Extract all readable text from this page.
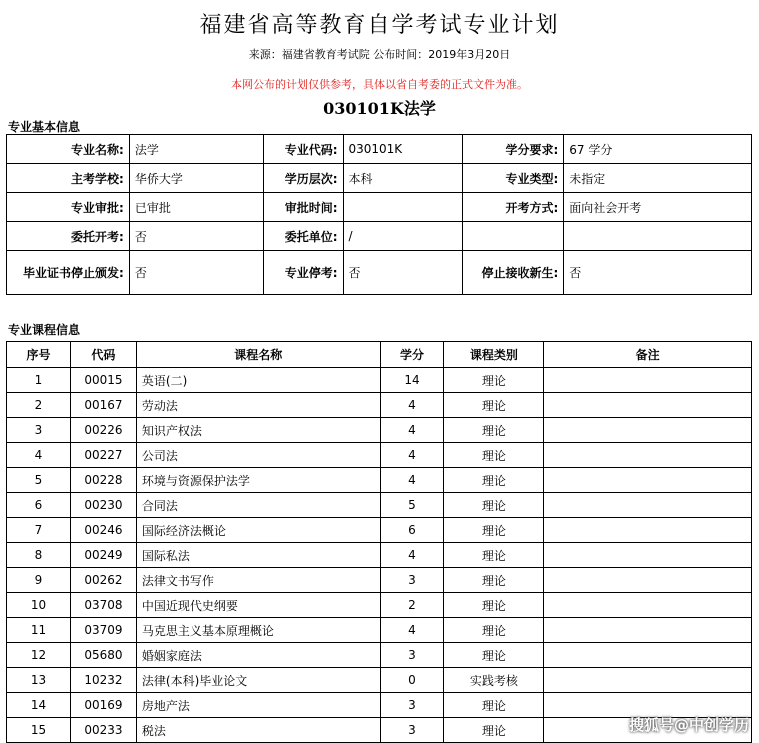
福建省高等教育自学考试专业计划
来源：福建省教育考试院 公布时间：2019年3月20日
本网公布的计划仅供参考，具体以省自考委的正式文件为准。
030101K法学
专业基本信息
专业名称:	法学	专业代码:	030101K	学分要求:	67 学分
主考学校:	华侨大学	学历层次:	本科	专业类型:	未指定
专业审批:	已审批	审批时间:		开考方式:	面向社会开考
委托开考:	否	委托单位:	/		
毕业证书停止颁发:	否	专业停考:	否	停止接收新生:	否
专业课程信息
序号	代码	课程名称	学分	课程类别	备注
1	00015	英语(二)	14	理论	
2	00167	劳动法	4	理论	
3	00226	知识产权法	4	理论	
4	00227	公司法	4	理论	
5	00228	环境与资源保护法学	4	理论	
6	00230	合同法	5	理论	
7	00246	国际经济法概论	6	理论	
8	00249	国际私法	4	理论	
9	00262	法律文书写作	3	理论	
10	03708	中国近现代史纲要	2	理论	
11	03709	马克思主义基本原理概论	4	理论	
12	05680	婚姻家庭法	3	理论	
13	10232	法律(本科)毕业论文	0	实践考核	
14	00169	房地产法	3	理论	
15	00233	税法	3	理论		搜狐号@中创学历
